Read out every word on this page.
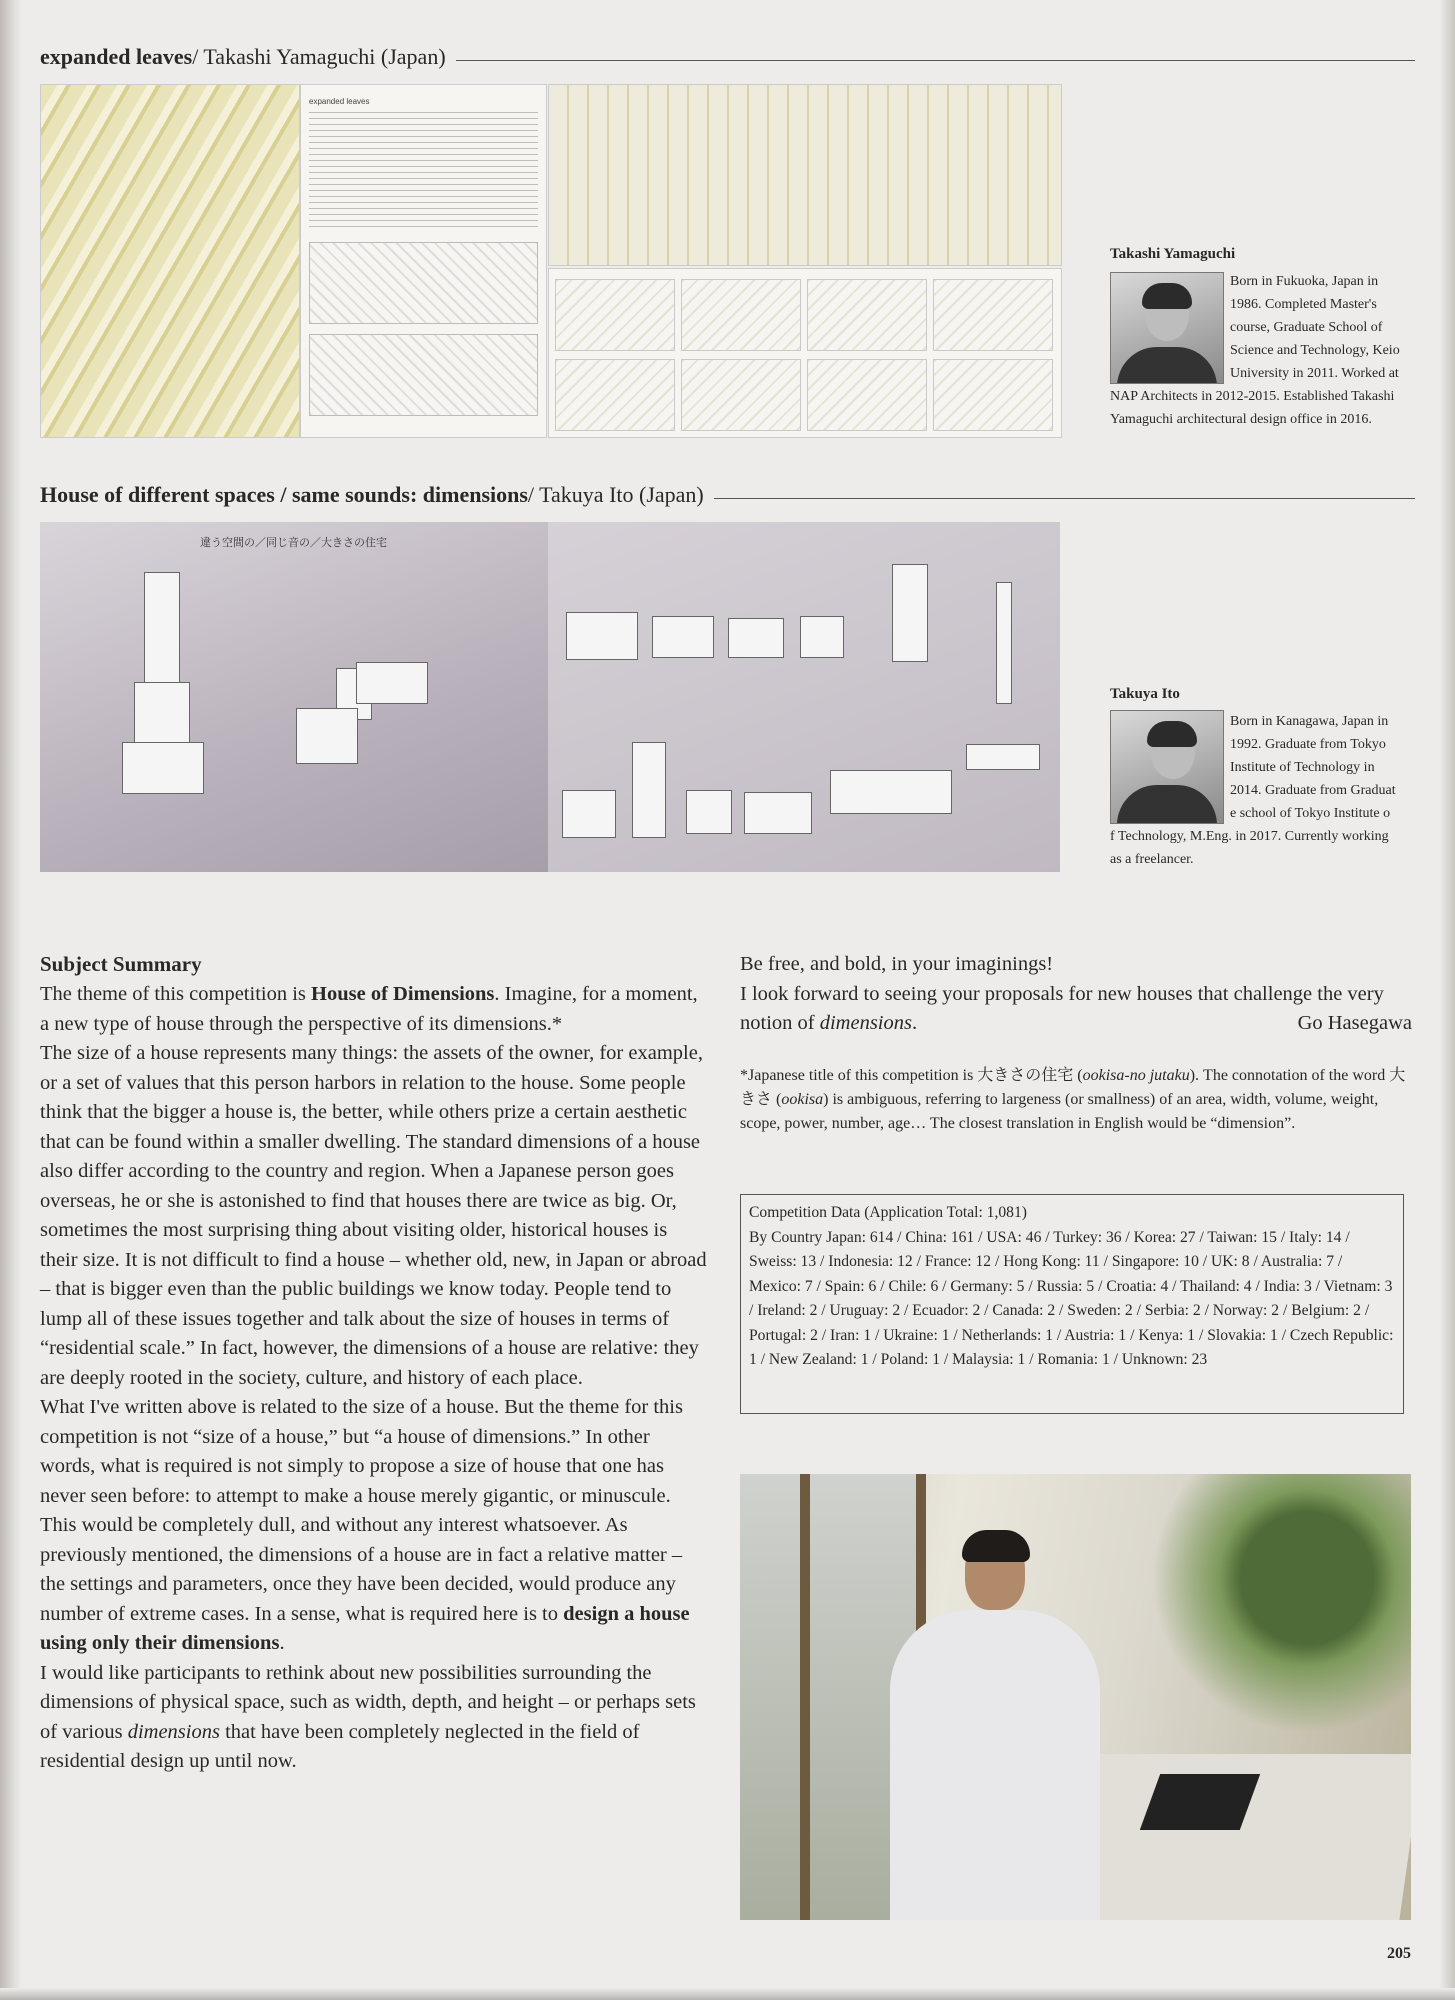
expanded leaves / Takashi Yamaguchi (Japan)
expanded leaves
Takashi Yamaguchi
Born in Fukuoka, Japan in
1986. Completed Master's
course, Graduate School of
Science and Technology, Keio
University in 2011. Worked at
NAP Architects in 2012-2015. Established Takashi
Yamaguchi architectural design office in 2016.
House of different spaces / same sounds: dimensions / Takuya Ito (Japan)
違う空間の／同じ音の／大きさの住宅
Takuya Ito
Born in Kanagawa, Japan in
1992. Graduate from Tokyo
Institute of Technology in
2014. Graduate from Graduat
e school of Tokyo Institute o
f Technology, M.Eng. in 2017. Currently working
as a freelancer.
Subject Summary

The theme of this competition is House of Dimensions. Imagine, for a moment, a new type of house through the perspective of its dimensions.*

The size of a house represents many things: the assets of the owner, for example, or a set of values that this person harbors in relation to the house. Some people think that the bigger a house is, the better, while others prize a certain aesthetic that can be found within a smaller dwelling. The standard dimensions of a house also differ according to the country and region. When a Japanese person goes overseas, he or she is astonished to find that houses there are twice as big. Or, sometimes the most surprising thing about visiting older, historical houses is their size. It is not difficult to find a house – whether old, new, in Japan or abroad – that is bigger even than the public buildings we know today. People tend to lump all of these issues together and talk about the size of houses in terms of “residential scale.” In fact, however, the dimensions of a house are relative: they are deeply rooted in the society, culture, and history of each place.

What I've written above is related to the size of a house. But the theme for this competition is not “size of a house,” but “a house of dimensions.” In other words, what is required is not simply to propose a size of house that one has never seen before: to attempt to make a house merely gigantic, or minuscule. This would be completely dull, and without any interest whatsoever. As previously mentioned, the dimensions of a house are in fact a relative matter – the settings and parameters, once they have been decided, would produce any number of extreme cases. In a sense, what is required here is to design a house using only their dimensions.

I would like participants to rethink about new possibilities surrounding the dimensions of physical space, such as width, depth, and height – or perhaps sets of various dimensions that have been completely neglected in the field of residential design up until now.

Be free, and bold, in your imaginings!

I look forward to seeing your proposals for new houses that challenge the very notion of dimensions.	Go Hasegawa

*Japanese title of this competition is 大きさの住宅 (ookisa-no jutaku). The connotation of the word 大きさ (ookisa) is ambiguous, referring to largeness (or smallness) of an area, width, volume, weight, scope, power, number, age… The closest translation in English would be “dimension”.
Competition Data (Application Total: 1,081)
By Country Japan: 614 / China: 161 / USA: 46 / Turkey: 36 / Korea: 27 / Taiwan: 15 / Italy: 14 / Sweiss: 13 / Indonesia: 12 / France: 12 / Hong Kong: 11 / Singapore: 10 / UK: 8 / Australia: 7 / Mexico: 7 / Spain: 6 / Chile: 6 / Germany: 5 / Russia: 5 / Croatia: 4 / Thailand: 4 / India: 3 / Vietnam: 3 / Ireland: 2 / Uruguay: 2 / Ecuador: 2 / Canada: 2 / Sweden: 2 / Serbia: 2 / Norway: 2 / Belgium: 2 / Portugal: 2 / Iran: 1 / Ukraine: 1 / Netherlands: 1 / Austria: 1 / Kenya: 1 / Slovakia: 1 / Czech Republic: 1 / New Zealand: 1 / Poland: 1 / Malaysia: 1 / Romania: 1 / Unknown: 23
205
